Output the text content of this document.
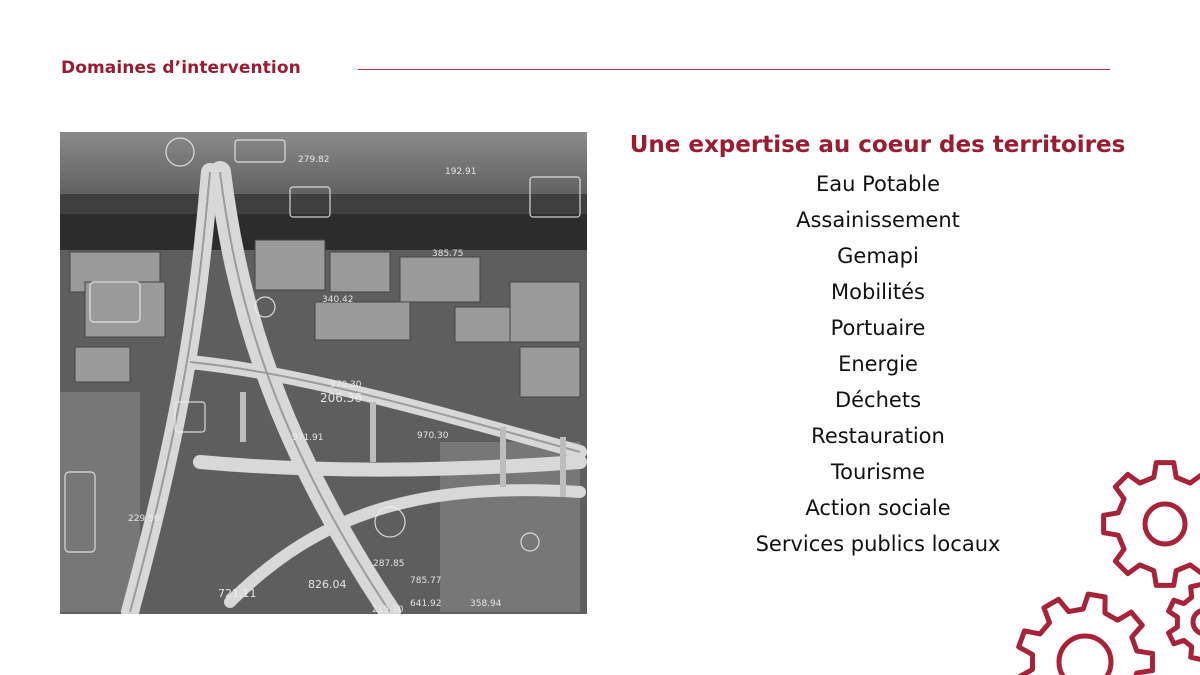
Domaines d’intervention
279.82
192.91
385.75
340.42
206.36
970.30
971.91	970.30
229.56
287.85
826.04
721.11
785.77
641.92
215.70
358.94
Une expertise au coeur des territoires
Eau Potable
Assainissement
Gemapi
Mobilités
Portuaire
Energie
Déchets
Restauration
Tourisme
Action sociale
Services publics locaux
